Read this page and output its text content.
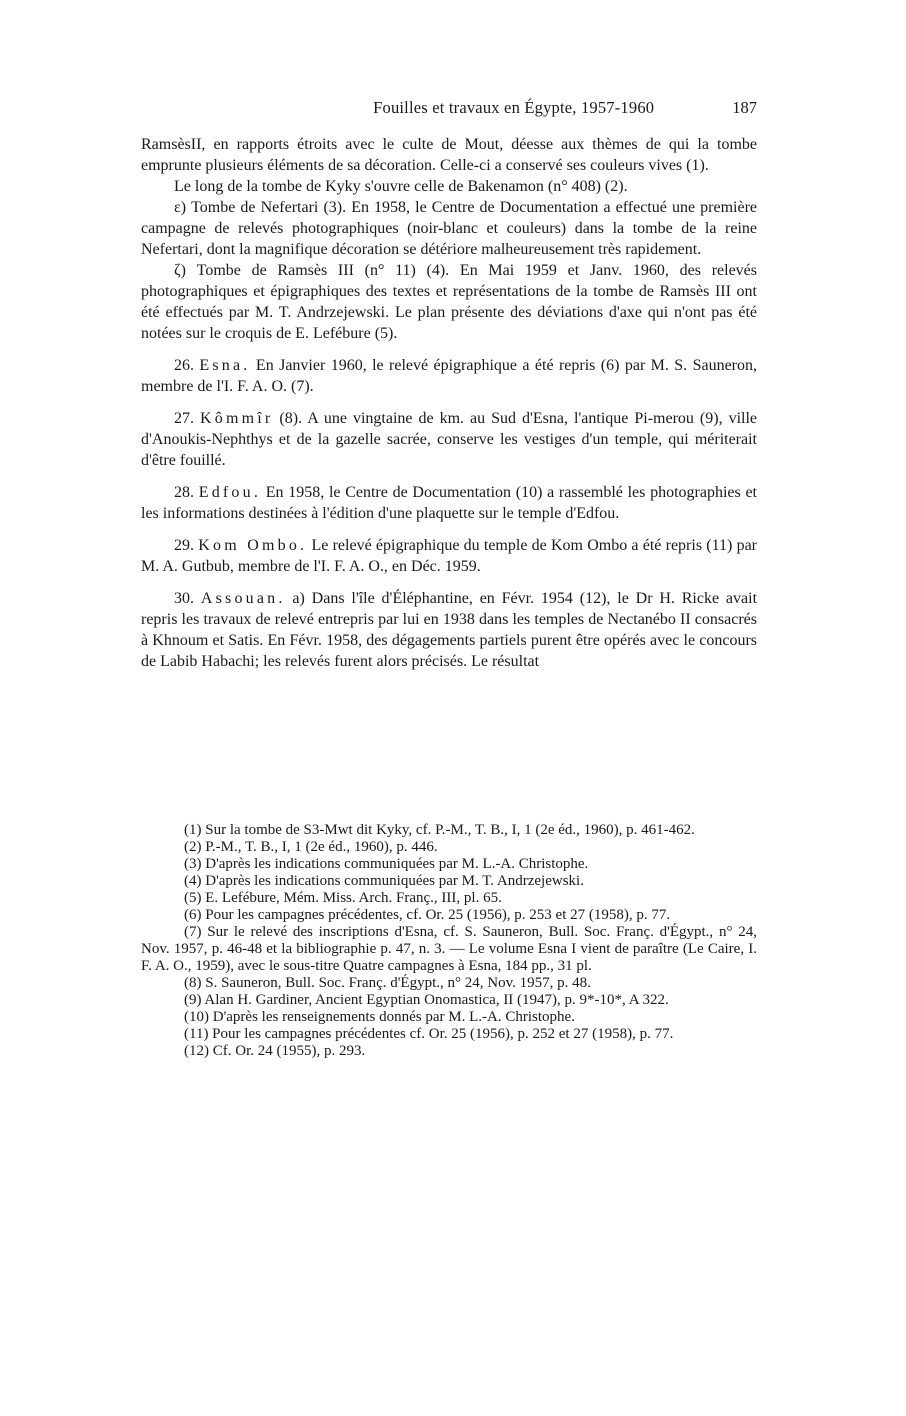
Fouilles et travaux en Égypte, 1957-1960	187

RamsèsII, en rapports étroits avec le culte de Mout, déesse aux thèmes de qui la tombe emprunte plusieurs éléments de sa décoration. Celle-ci a conservé ses couleurs vives (1).

Le long de la tombe de Kyky s'ouvre celle de Bakenamon (n° 408) (2).

ε) Tombe de Nefertari (3). En 1958, le Centre de Documentation a effectué une première campagne de relevés photographiques (noir-blanc et couleurs) dans la tombe de la reine Nefertari, dont la magnifique décoration se détériore malheureusement très rapidement.

ζ) Tombe de Ramsès III (n° 11) (4). En Mai 1959 et Janv. 1960, des relevés photographiques et épigraphiques des textes et représentations de la tombe de Ramsès III ont été effectués par M. T. Andrzejewski. Le plan présente des déviations d'axe qui n'ont pas été notées sur le croquis de E. Lefébure (5).

26. Esna. En Janvier 1960, le relevé épigraphique a été repris (6) par M. S. Sauneron, membre de l'I. F. A. O. (7).

27. Kômmîr (8). A une vingtaine de km. au Sud d'Esna, l'antique Pi-merou (9), ville d'Anoukis-Nephthys et de la gazelle sacrée, conserve les vestiges d'un temple, qui mériterait d'être fouillé.

28. Edfou. En 1958, le Centre de Documentation (10) a rassemblé les photographies et les informations destinées à l'édition d'une plaquette sur le temple d'Edfou.

29. Kom Ombo. Le relevé épigraphique du temple de Kom Ombo a été repris (11) par M. A. Gutbub, membre de l'I. F. A. O., en Déc. 1959.

30. Assouan. a) Dans l'île d'Éléphantine, en Févr. 1954 (12), le Dr H. Ricke avait repris les travaux de relevé entrepris par lui en 1938 dans les temples de Nectanébo II consacrés à Khnoum et Satis. En Févr. 1958, des dégagements partiels purent être opérés avec le concours de Labib Habachi; les relevés furent alors précisés. Le résultat

(1) Sur la tombe de S3-Mwt dit Kyky, cf. P.-M., T. B., I, 1 (2e éd., 1960), p. 461-462.

(2) P.-M., T. B., I, 1 (2e éd., 1960), p. 446.

(3) D'après les indications communiquées par M. L.-A. Christophe.

(4) D'après les indications communiquées par M. T. Andrzejewski.

(5) E. Lefébure, Mém. Miss. Arch. Franç., III, pl. 65.

(6) Pour les campagnes précédentes, cf. Or. 25 (1956), p. 253 et 27 (1958), p. 77.

(7) Sur le relevé des inscriptions d'Esna, cf. S. Sauneron, Bull. Soc. Franç. d'Égypt., n° 24, Nov. 1957, p. 46-48 et la bibliographie p. 47, n. 3. — Le volume Esna I vient de paraître (Le Caire, I. F. A. O., 1959), avec le sous-titre Quatre campagnes à Esna, 184 pp., 31 pl.

(8) S. Sauneron, Bull. Soc. Franç. d'Égypt., n° 24, Nov. 1957, p. 48.

(9) Alan H. Gardiner, Ancient Egyptian Onomastica, II (1947), p. 9*-10*, A 322.

(10) D'après les renseignements donnés par M. L.-A. Christophe.

(11) Pour les campagnes précédentes cf. Or. 25 (1956), p. 252 et 27 (1958), p. 77.

(12) Cf. Or. 24 (1955), p. 293.
